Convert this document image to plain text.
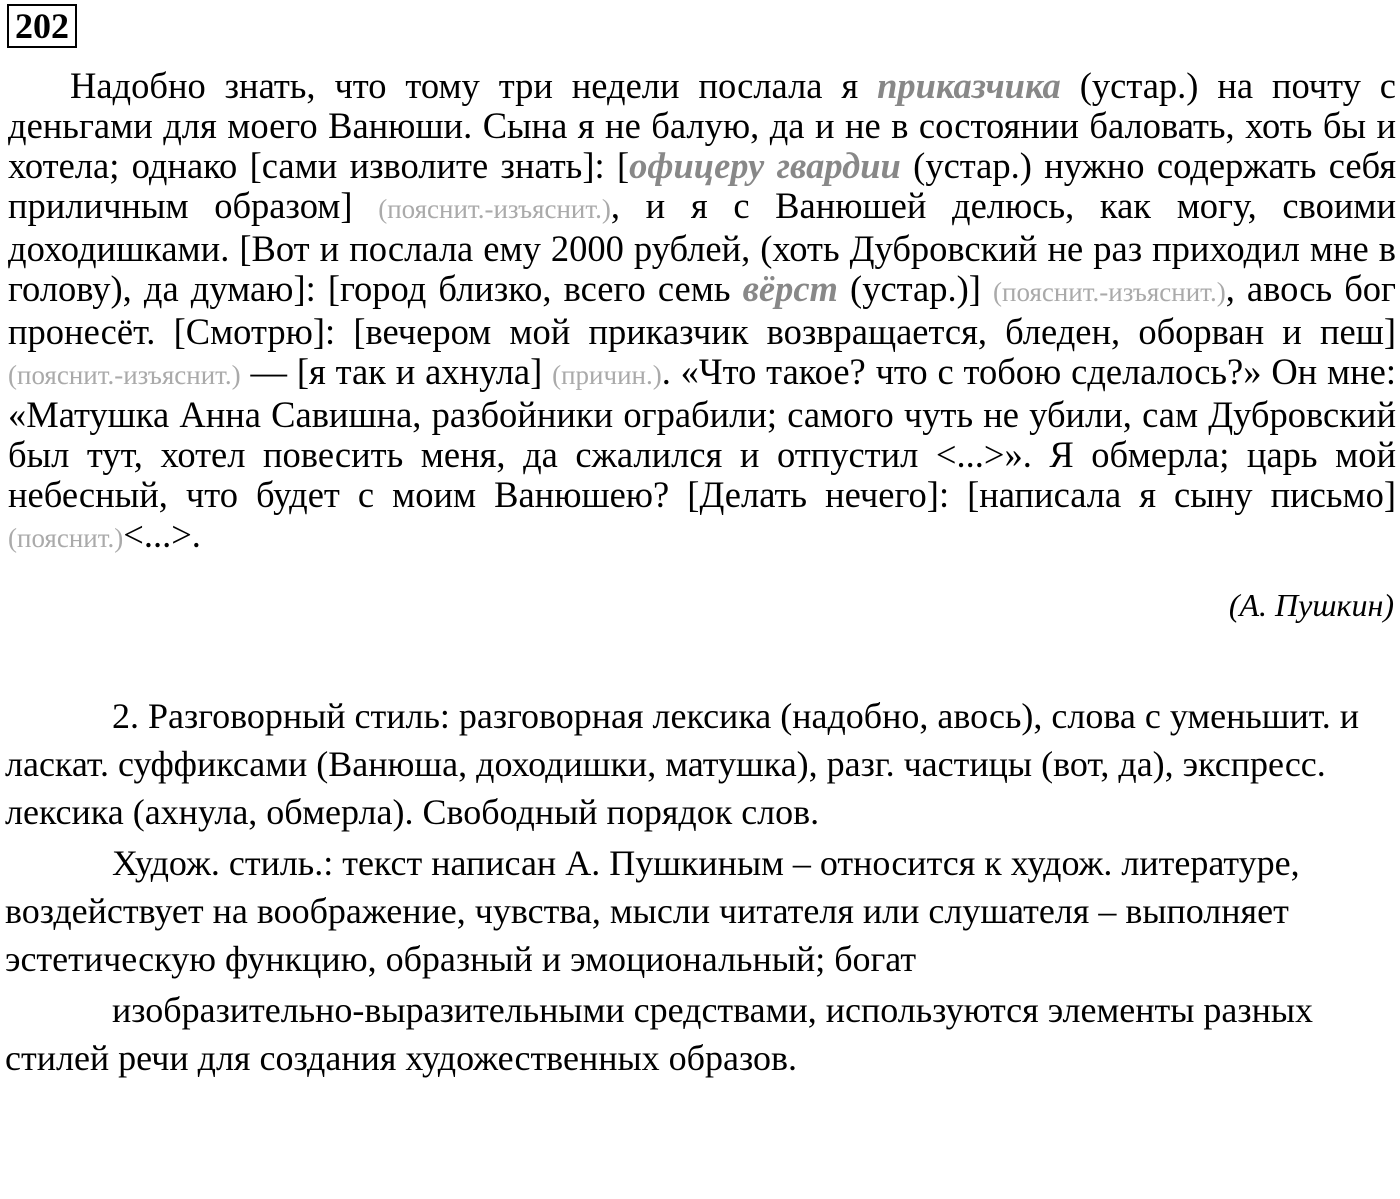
202
Надобно знать, что тому три недели послала я приказчика (устар.) на почту с деньгами для моего Ванюши. Сына я не балую, да и не в состоянии баловать, хоть бы и хотела; однако [сами изволите знать]: [офицеру гвардии (устар.) нужно содержать себя приличным образом] (пояснит.-изъяснит.), и я с Ванюшей делюсь, как могу, своими доходишками. [Вот и послала ему 2000 рублей, (хоть Дубровский не раз приходил мне в голову), да думаю]: [город близко, всего семь вёрст (устар.)] (пояснит.-изъяснит.), авось бог пронесёт. [Смотрю]: [вечером мой приказчик возвращается, бледен, оборван и пеш] (пояснит.-изъяснит.) — [я так и ахнула] (причин.). «Что такое? что с тобою сделалось?» Он мне: «Матушка Анна Савишна, разбойники ограбили; самого чуть не убили, сам Дубровский был тут, хотел повесить меня, да сжалился и отпустил <...>». Я обмерла; царь мой небесный, что будет с моим Ванюшею? [Делать нечего]: [написала я сыну письмо] (пояснит.)<...>.
(А. Пушкин)

2. Разговорный стиль: разговорная лексика (надобно, авось), слова с уменьшит. и ласкат. суффиксами (Ванюша, доходишки, матушка), разг. частицы (вот, да), экспресс. лексика (ахнула, обмерла). Свободный порядок слов.

Худож. стиль.: текст написан А. Пушкиным – относится к худож. литературе, воздействует на воображение, чувства, мысли читателя или слушателя – выполняет эстетическую функцию, образный и эмоциональный; богат

изобразительно-выразительными средствами, используются элементы разных стилей речи для создания художественных образов.
